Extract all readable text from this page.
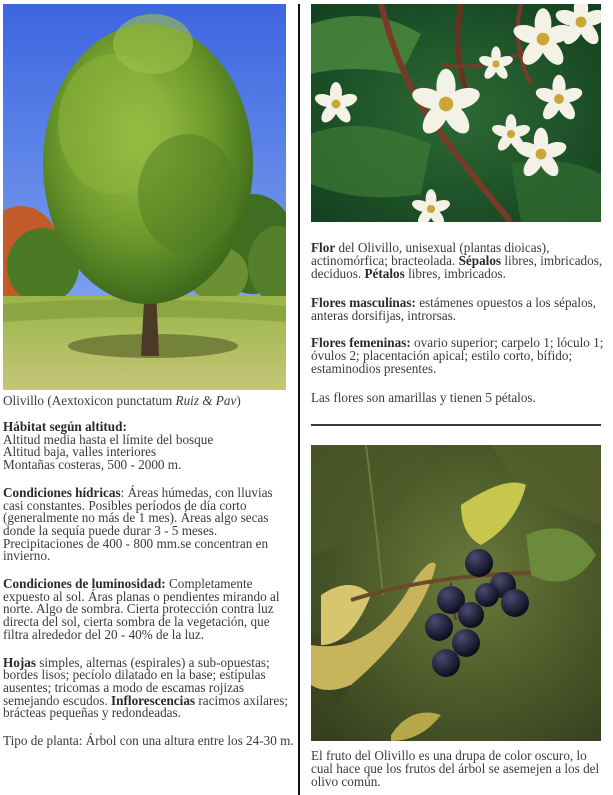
Olivillo (Aextoxicon punctatum Ruiz & Pav)

Hábitat según altitud:
Altitud media hasta el límite del bosque
Altitud baja, valles interiores
Montañas costeras, 500 - 2000 m.

Condiciones hídricas: Áreas húmedas, con lluvias casi constantes. Posibles períodos de día corto (generalmente no más de 1 mes). Áreas algo secas donde la sequía puede durar 3 - 5 meses. Precipitaciones de 400 - 800 mm.se concentran en invierno.

Condiciones de luminosidad: Completamente expuesto al sol. Áras planas o pendientes mirando al norte. Algo de sombra. Cierta protección contra luz directa del sol, cierta sombra de la vegetación, que filtra alrededor del 20 - 40% de la luz.

Hojas simples, alternas (espirales) a sub-opuestas; bordes lisos; pecíolo dilatado en la base; estípulas ausentes; tricomas a modo de escamas rojizas semejando escudos. Inflorescencias racimos axilares; brácteas pequeñas y redondeadas.

Tipo de planta: Árbol con una altura entre los 24-30 m.

Flor del Olivillo, unisexual (plantas dioicas), actinomórfica; bracteolada. Sépalos libres, imbricados, deciduos. Pétalos libres, imbricados.

Flores masculinas: estámenes opuestos a los sépalos, anteras dorsifijas, introrsas.

Flores femeninas: ovario superior; carpelo 1; lóculo 1; óvulos 2; placentación apical; estilo corto, bífido; estaminodios presentes.

Las flores son amarillas y tienen 5 pétalos.

El fruto del Olivillo es una drupa de color oscuro, lo cual hace que los frutos del árbol se asemejen a los del olivo común.
